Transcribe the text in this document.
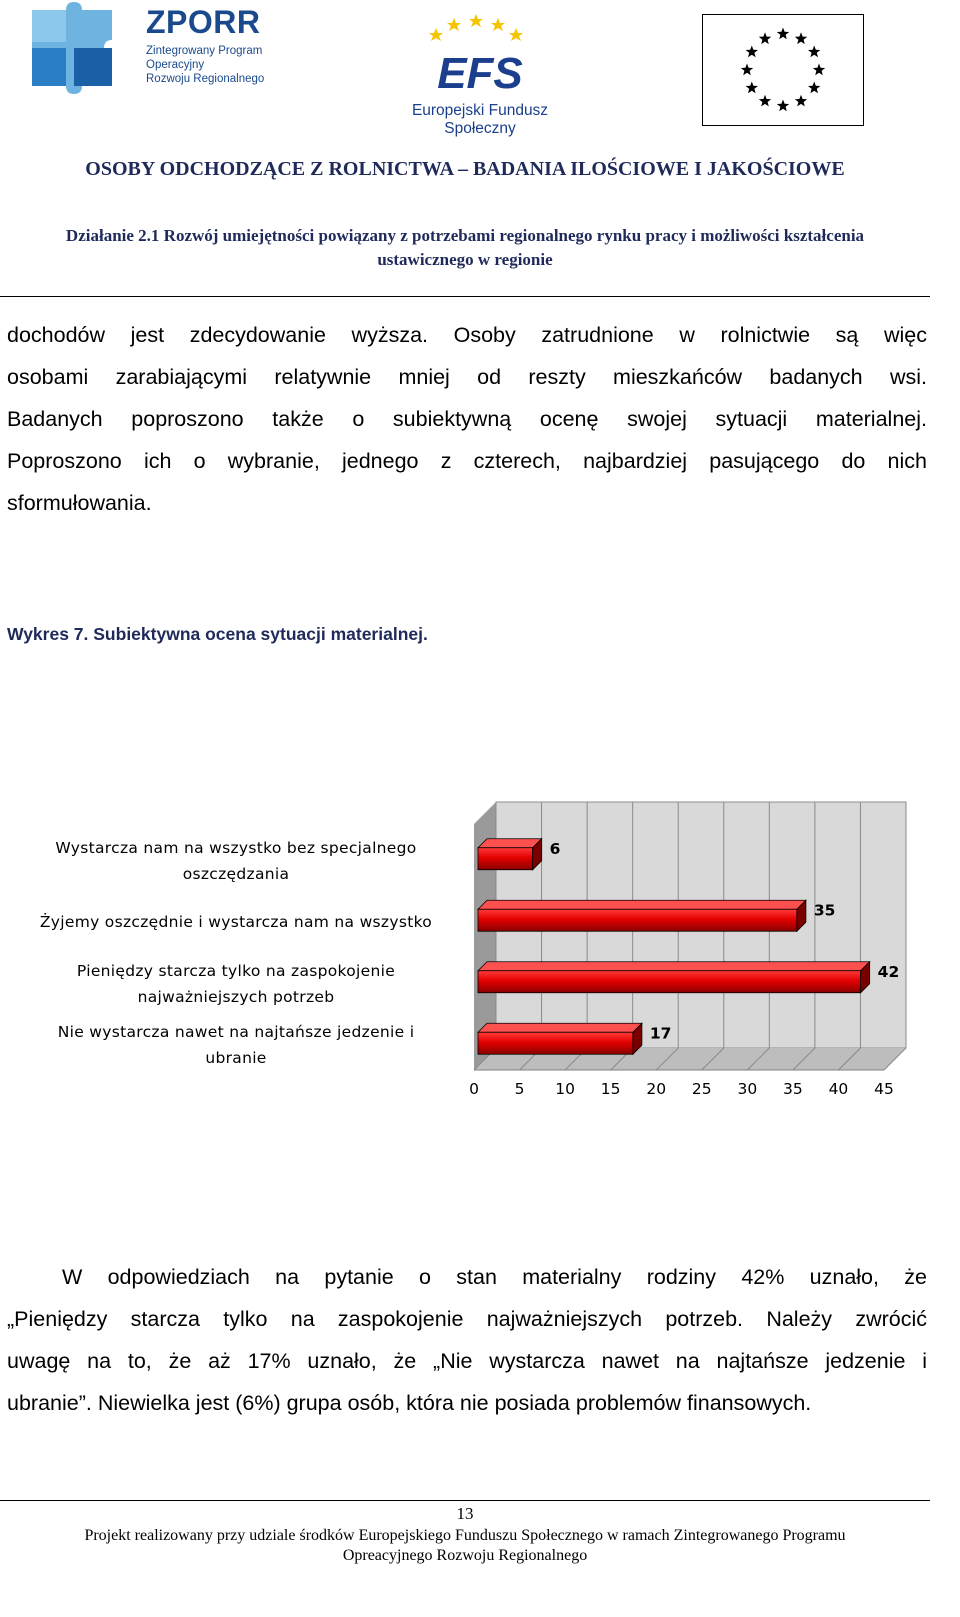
ZPORR
Zintegrowany Program
Operacyjny
Rozwoju Regionalnego	EFS
Europejski Fundusz Społeczny
OSOBY ODCHODZĄCE Z ROLNICTWA – BADANIA ILOŚCIOWE I JAKOŚCIOWE
Działanie 2.1 Rozwój umiejętności powiązany z potrzebami regionalnego rynku pracy i możliwości kształcenia ustawicznego w regionie
dochodów jest zdecydowanie wyższa. Osoby zatrudnione w rolnictwie są więc
osobami zarabiającymi relatywnie mniej od reszty mieszkańców badanych wsi.
Badanych poproszono także o subiektywną ocenę swojej sytuacji materialnej.
Poproszono ich o wybranie, jednego z czterech, najbardziej pasującego do nich
sformułowania.
Wykres 7. Subiektywna ocena sytuacji materialnej.
Wystarcza nam na wszystko bez specjalnego
oszczędzania
Żyjemy oszczędnie i wystarcza nam na wszystko
Pieniędzy starcza tylko na zaspokojenie
najważniejszych potrzeb
Nie wystarcza nawet na najtańsze jedzenie i
ubranie
0 5 10 15 20 25 30 35 40 45
6
35
42
17
W odpowiedziach na pytanie o stan materialny rodziny 42% uznało, że
„Pieniędzy starcza tylko na zaspokojenie najważniejszych potrzeb. Należy zwrócić
uwagę na to, że aż 17% uznało, że „Nie wystarcza nawet na najtańsze jedzenie i
ubranie”. Niewielka jest (6%) grupa osób, która nie posiada problemów finansowych.
13
Projekt realizowany przy udziale środków Europejskiego Funduszu Społecznego w ramach Zintegrowanego Programu
Opreacyjnego Rozwoju Regionalnego
